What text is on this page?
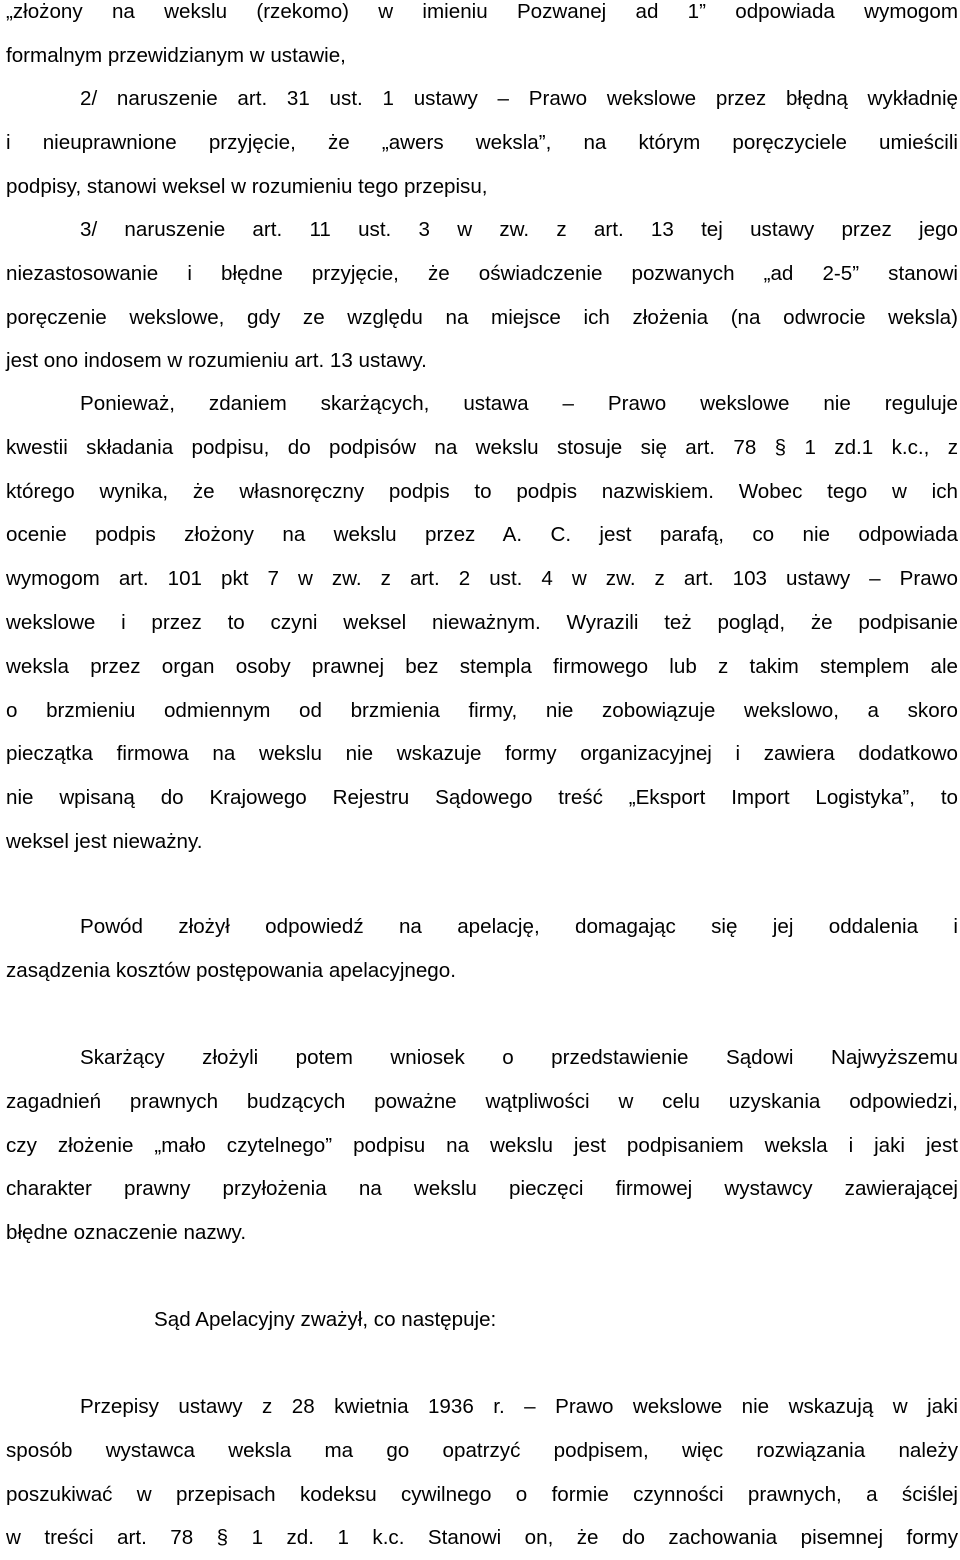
„złożony na wekslu (rzekomo) w imieniu Pozwanej ad 1” odpowiada wymogom
formalnym przewidzianym w ustawie,
2/ naruszenie art. 31 ust. 1 ustawy – Prawo wekslowe przez błędną wykładnię
i nieuprawnione przyjęcie, że „awers weksla”, na którym poręczyciele umieścili
podpisy, stanowi weksel w rozumieniu tego przepisu,
3/ naruszenie art. 11 ust. 3 w zw. z art. 13 tej ustawy przez jego
niezastosowanie i błędne przyjęcie, że oświadczenie pozwanych „ad 2-5” stanowi
poręczenie wekslowe, gdy ze względu na miejsce ich złożenia (na odwrocie weksla)
jest ono indosem w rozumieniu art. 13 ustawy.
Ponieważ, zdaniem skarżących, ustawa – Prawo wekslowe nie reguluje
kwestii składania podpisu, do podpisów na wekslu stosuje się art. 78 § 1 zd.1 k.c., z
którego wynika, że własnoręczny podpis to podpis nazwiskiem. Wobec tego w ich
ocenie podpis złożony na wekslu przez A. C. jest parafą, co nie odpowiada
wymogom art. 101 pkt 7 w zw. z art. 2 ust. 4 w zw. z art. 103 ustawy – Prawo
wekslowe i przez to czyni weksel nieważnym. Wyrazili też pogląd, że podpisanie
weksla przez organ osoby prawnej bez stempla firmowego lub z takim stemplem ale
o brzmieniu odmiennym od brzmienia firmy, nie zobowiązuje wekslowo, a skoro
pieczątka firmowa na wekslu nie wskazuje formy organizacyjnej i zawiera dodatkowo
nie wpisaną do Krajowego Rejestru Sądowego treść „Eksport Import Logistyka”, to
weksel jest nieważny.
Powód złożył odpowiedź na apelację, domagając się jej oddalenia i
zasądzenia kosztów postępowania apelacyjnego.
Skarżący złożyli potem wniosek o przedstawienie Sądowi Najwyższemu
zagadnień prawnych budzących poważne wątpliwości w celu uzyskania odpowiedzi,
czy złożenie „mało czytelnego” podpisu na wekslu jest podpisaniem weksla i jaki jest
charakter prawny przyłożenia na wekslu pieczęci firmowej wystawcy zawierającej
błędne oznaczenie nazwy.
Sąd Apelacyjny zważył, co następuje:
Przepisy ustawy z 28 kwietnia 1936 r. – Prawo wekslowe nie wskazują w jaki
sposób wystawca weksla ma go opatrzyć podpisem, więc rozwiązania należy
poszukiwać w przepisach kodeksu cywilnego o formie czynności prawnych, a ściślej
w treści art. 78 § 1 zd. 1 k.c. Stanowi on, że do zachowania pisemnej formy
